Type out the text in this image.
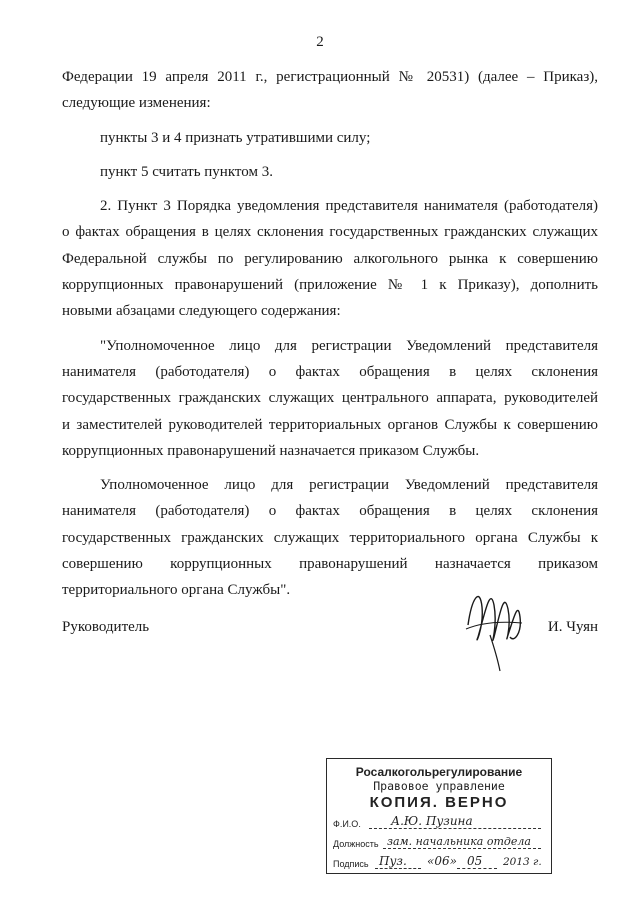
2

Федерации 19 апреля 2011 г., регистрационный № 20531) (далее – Приказ),

следующие изменения:

пункты 3 и 4 признать утратившими силу;

пункт 5 считать пунктом 3.

2. Пункт 3 Порядка уведомления представителя нанимателя (работодателя)

о фактах обращения в целях склонения государственных гражданских служащих

Федеральной службы по регулированию алкогольного рынка к совершению

коррупционных правонарушений (приложение № 1 к Приказу), дополнить

новыми абзацами следующего содержания:

"Уполномоченное лицо для регистрации Уведомлений представителя

нанимателя (работодателя) о фактах обращения в целях склонения

государственных гражданских служащих центрального аппарата, руководителей

и заместителей руководителей территориальных органов Службы к совершению

коррупционных правонарушений назначается приказом Службы.

Уполномоченное лицо для регистрации Уведомлений представителя

нанимателя (работодателя) о фактах обращения в целях склонения

государственных гражданских служащих территориального органа Службы к

совершению коррупционных правонарушений назначается приказом

территориального органа Службы".

Руководитель	И. Чуян
Росалкогольрегулирование
Правовое управление
КОПИЯ. ВЕРНО
Ф.И.О.	А.Ю. Пузина
Должность зам. начальника отдела
Подпись Пуз. «06» 05 2013 г.
